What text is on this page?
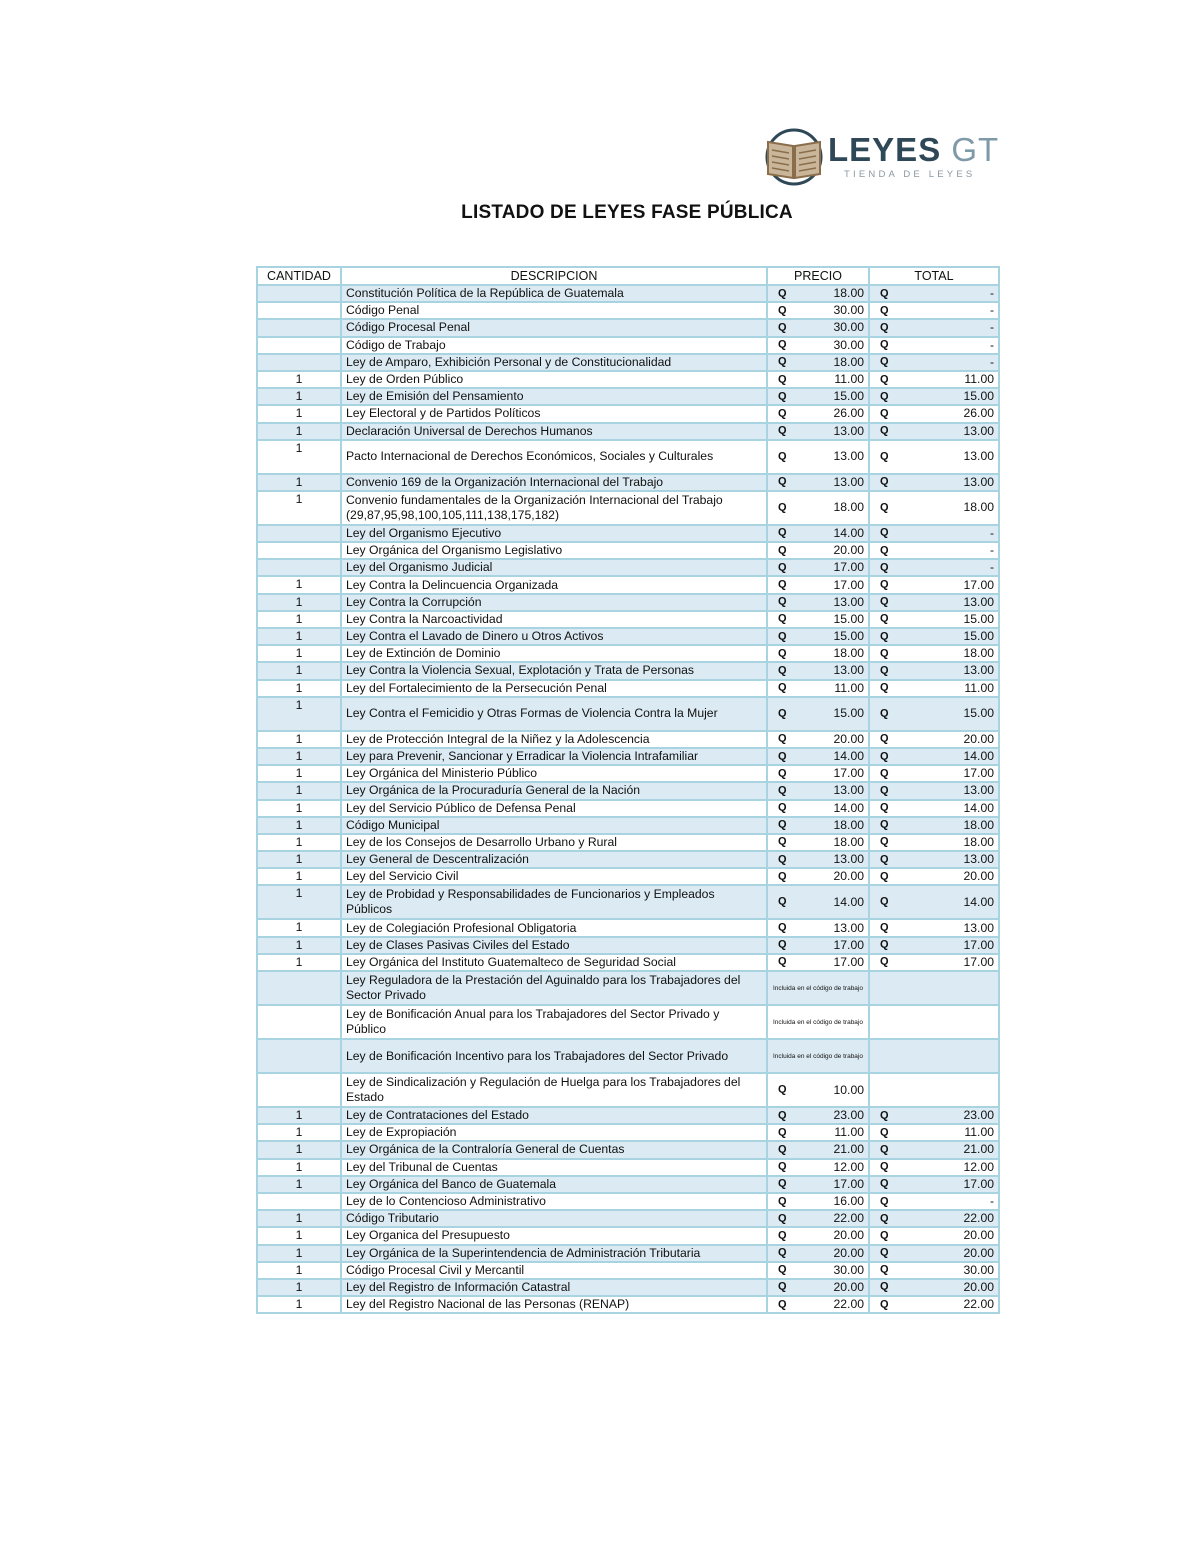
LEYES GT
TIENDA DE LEYES
LISTADO DE LEYES FASE PÚBLICA
CANTIDAD	DESCRIPCION	PRECIO	TOTAL
	Constitución Política de la República de Guatemala	Q 18.00	Q -

	Código Penal	Q 30.00	Q -

	Código Procesal Penal	Q 30.00	Q -

	Código de Trabajo	Q 30.00	Q -

	Ley de Amparo, Exhibición Personal y de Constitucionalidad	Q 18.00	Q -

1	Ley de Orden Público	Q 11.00	Q 11.00

1	Ley de Emisión del Pensamiento	Q 15.00	Q 15.00

1	Ley Electoral y de Partidos Políticos	Q 26.00	Q 26.00

1	Declaración Universal de Derechos Humanos	Q 13.00	Q 13.00

1	Pacto Internacional de Derechos Económicos, Sociales y Culturales	Q 13.00	Q 13.00

1	Convenio 169 de la Organización Internacional del Trabajo	Q 13.00	Q 13.00

1	Convenio fundamentales de la Organización Internacional del Trabajo (29,87,95,98,100,105,111,138,175,182)	Q 18.00	Q 18.00

	Ley del Organismo Ejecutivo	Q 14.00	Q -

	Ley Orgánica del Organismo Legislativo	Q 20.00	Q -

	Ley del Organismo Judicial	Q 17.00	Q -

1	Ley Contra la Delincuencia Organizada	Q 17.00	Q 17.00

1	Ley Contra la Corrupción	Q 13.00	Q 13.00

1	Ley Contra la Narcoactividad	Q 15.00	Q 15.00

1	Ley Contra el Lavado de Dinero u Otros Activos	Q 15.00	Q 15.00

1	Ley de Extinción de Dominio	Q 18.00	Q 18.00

1	Ley Contra la Violencia Sexual, Explotación y Trata de Personas	Q 13.00	Q 13.00

1	Ley del Fortalecimiento de la Persecución Penal	Q 11.00	Q 11.00

1	Ley Contra el Femicidio y Otras Formas de Violencia Contra la Mujer	Q 15.00	Q 15.00

1	Ley de Protección Integral de la Niñez y la Adolescencia	Q 20.00	Q 20.00

1	Ley para Prevenir, Sancionar y Erradicar la Violencia Intrafamiliar	Q 14.00	Q 14.00

1	Ley Orgánica del Ministerio Público	Q 17.00	Q 17.00

1	Ley Orgánica de la Procuraduría General de la Nación	Q 13.00	Q 13.00

1	Ley del Servicio Público de Defensa Penal	Q 14.00	Q 14.00

1	Código Municipal	Q 18.00	Q 18.00

1	Ley de los Consejos de Desarrollo Urbano y Rural	Q 18.00	Q 18.00

1	Ley General de Descentralización	Q 13.00	Q 13.00

1	Ley del Servicio Civil	Q 20.00	Q 20.00

1	Ley de Probidad y Responsabilidades de Funcionarios y Empleados Públicos	Q 14.00	Q 14.00

1	Ley de Colegiación Profesional Obligatoria	Q 13.00	Q 13.00

1	Ley de Clases Pasivas Civiles del Estado	Q 17.00	Q 17.00

1	Ley Orgánica del Instituto Guatemalteco de Seguridad Social	Q 17.00	Q 17.00

	Ley Reguladora de la Prestación del Aguinaldo para los Trabajadores del Sector Privado	Incluida en el código de trabajo	
	Ley de Bonificación Anual para los Trabajadores del Sector Privado y Público	Incluida en el código de trabajo	
	Ley de Bonificación Incentivo para los Trabajadores del Sector Privado	Incluida en el código de trabajo	
	Ley de Sindicalización y Regulación de Huelga para los Trabajadores del Estado	Q 10.00	

1	Ley de Contrataciones del Estado	Q 23.00	Q 23.00

1	Ley de Expropiación	Q 11.00	Q 11.00

1	Ley Orgánica de la Contraloría General de Cuentas	Q 21.00	Q 21.00

1	Ley del Tribunal de Cuentas	Q 12.00	Q 12.00

1	Ley Orgánica del Banco de Guatemala	Q 17.00	Q 17.00

	Ley de lo Contencioso Administrativo	Q 16.00	Q -

1	Código Tributario	Q 22.00	Q 22.00

1	Ley Organica del Presupuesto	Q 20.00	Q 20.00

1	Ley Orgánica de la Superintendencia de Administración Tributaria	Q 20.00	Q 20.00

1	Código Procesal Civil y Mercantil	Q 30.00	Q 30.00

1	Ley del Registro de Información Catastral	Q 20.00	Q 20.00

1	Ley del Registro Nacional de las Personas (RENAP)	Q 22.00	Q 22.00
